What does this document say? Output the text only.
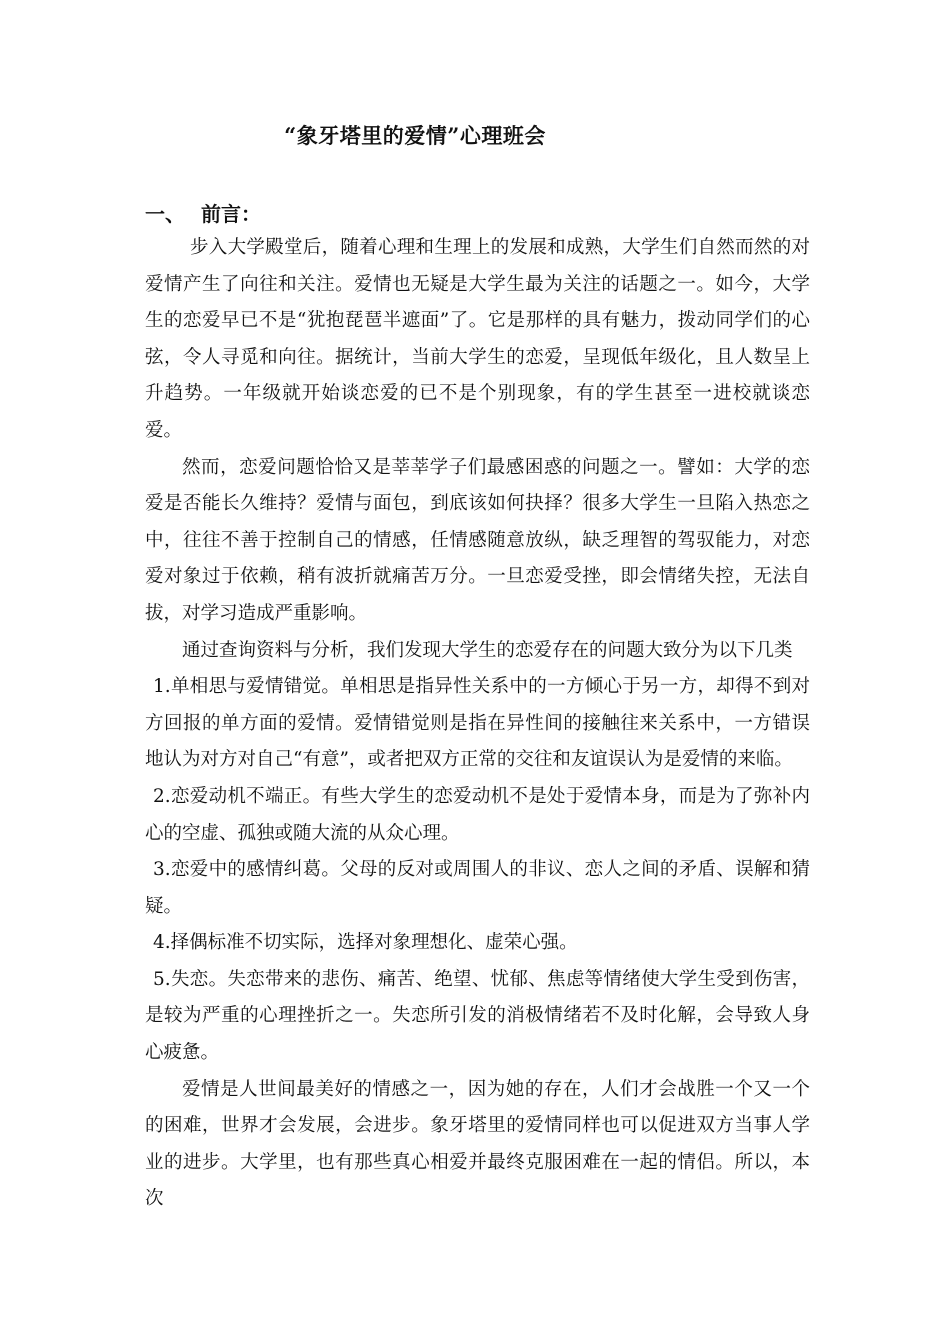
“象牙塔里的爱情”心理班会
一、 前言：

步入大学殿堂后，随着心理和生理上的发展和成熟，大学生们自然而然的对爱情产生了向往和关注。爱情也无疑是大学生最为关注的话题之一。如今，大学生的恋爱早已不是“犹抱琵琶半遮面”了。它是那样的具有魅力，拨动同学们的心弦，令人寻觅和向往。据统计，当前大学生的恋爱，呈现低年级化，且人数呈上升趋势。一年级就开始谈恋爱的已不是个别现象，有的学生甚至一进校就谈恋爱。

然而，恋爱问题恰恰又是莘莘学子们最感困惑的问题之一。譬如：大学的恋爱是否能长久维持？爱情与面包，到底该如何抉择？很多大学生一旦陷入热恋之中，往往不善于控制自己的情感，任情感随意放纵，缺乏理智的驾驭能力，对恋爱对象过于依赖，稍有波折就痛苦万分。一旦恋爱受挫，即会情绪失控，无法自拔，对学习造成严重影响。

通过查询资料与分析，我们发现大学生的恋爱存在的问题大致分为以下几类

1.单相思与爱情错觉。单相思是指异性关系中的一方倾心于另一方，却得不到对方回报的单方面的爱情。爱情错觉则是指在异性间的接触往来关系中，一方错误地认为对方对自己“有意”，或者把双方正常的交往和友谊误认为是爱情的来临。

2.恋爱动机不端正。有些大学生的恋爱动机不是处于爱情本身，而是为了弥补内心的空虚、孤独或随大流的从众心理。

3.恋爱中的感情纠葛。父母的反对或周围人的非议、恋人之间的矛盾、误解和猜疑。

4.择偶标准不切实际，选择对象理想化、虚荣心强。

5.失恋。失恋带来的悲伤、痛苦、绝望、忧郁、焦虑等情绪使大学生受到伤害，是较为严重的心理挫折之一。失恋所引发的消极情绪若不及时化解，会导致人身心疲惫。

爱情是人世间最美好的情感之一，因为她的存在，人们才会战胜一个又一个的困难，世界才会发展，会进步。象牙塔里的爱情同样也可以促进双方当事人学业的进步。大学里，也有那些真心相爱并最终克服困难在一起的情侣。所以，本次
